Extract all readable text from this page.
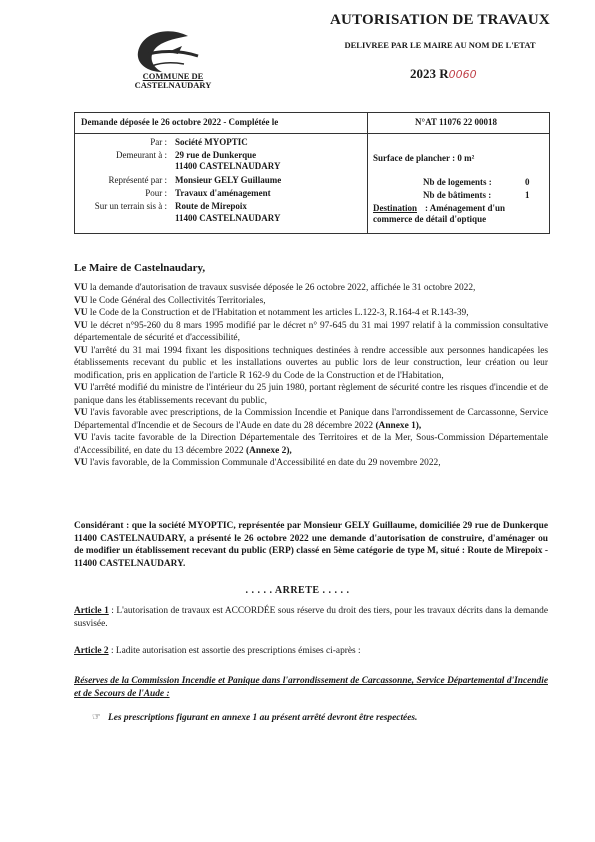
COMMUNE DE
CASTELNAUDARY
AUTORISATION DE TRAVAUX
DELIVREE PAR LE MAIRE AU NOM DE L'ETAT
2023 R0060
Demande déposée le 26 octobre 2022 - Complétée le	N°AT 11076 22 00018
Par : Société MYOPTIC
Demeurant à : 29 rue de Dunkerque
11400 CASTELNAUDARY
Représenté par : Monsieur GELY Guillaume
Pour : Travaux d'aménagement
Sur un terrain sis à : Route de Mirepoix
11400 CASTELNAUDARY
Surface de plancher : 0 m²
Nb de logements :	0
Nb de bâtiments :	1
Destination : Aménagement d'un commerce de détail d'optique
Le Maire de Castelnaudary,

VU la demande d'autorisation de travaux susvisée déposée le 26 octobre 2022, affichée le 31 octobre 2022,

VU le Code Général des Collectivités Territoriales,

VU le Code de la Construction et de l'Habitation et notamment les articles L.122-3, R.164-4 et R.143-39,

VU le décret n°95-260 du 8 mars 1995 modifié par le décret n° 97-645 du 31 mai 1997 relatif à la commission consultative départementale de sécurité et d'accessibilité,

VU l'arrêté du 31 mai 1994 fixant les dispositions techniques destinées à rendre accessible aux personnes handicapées les établissements recevant du public et les installations ouvertes au public lors de leur construction, leur création ou leur modification, pris en application de l'article R 162-9 du Code de la Construction et de l'Habitation,

VU l'arrêté modifié du ministre de l'intérieur du 25 juin 1980, portant règlement de sécurité contre les risques d'incendie et de panique dans les établissements recevant du public,

VU l'avis favorable avec prescriptions, de la Commission Incendie et Panique dans l'arrondissement de Carcassonne, Service Départemental d'Incendie et de Secours de l'Aude en date du 28 décembre 2022 (Annexe 1),

VU l'avis tacite favorable de la Direction Départementale des Territoires et de la Mer, Sous-Commission Départementale d'Accessibilité, en date du 13 décembre 2022 (Annexe 2),

VU l'avis favorable, de la Commission Communale d'Accessibilité en date du 29 novembre 2022,

Considérant : que la société MYOPTIC, représentée par Monsieur GELY Guillaume, domiciliée 29 rue de Dunkerque 11400 CASTELNAUDARY, a présenté le 26 octobre 2022 une demande d'autorisation de construire, d'aménager ou de modifier un établissement recevant du public (ERP) classé en 5ème catégorie de type M, situé : Route de Mirepoix - 11400 CASTELNAUDARY.
. . . . . ARRETE . . . . .
Article 1 : L'autorisation de travaux est ACCORDÉE sous réserve du droit des tiers, pour les travaux décrits dans la demande susvisée.
Article 2 : Ladite autorisation est assortie des prescriptions émises ci-après :
Réserves de la Commission Incendie et Panique dans l'arrondissement de Carcassonne, Service Départemental d'Incendie et de Secours de l'Aude :
☞ Les prescriptions figurant en annexe 1 au présent arrêté devront être respectées.
